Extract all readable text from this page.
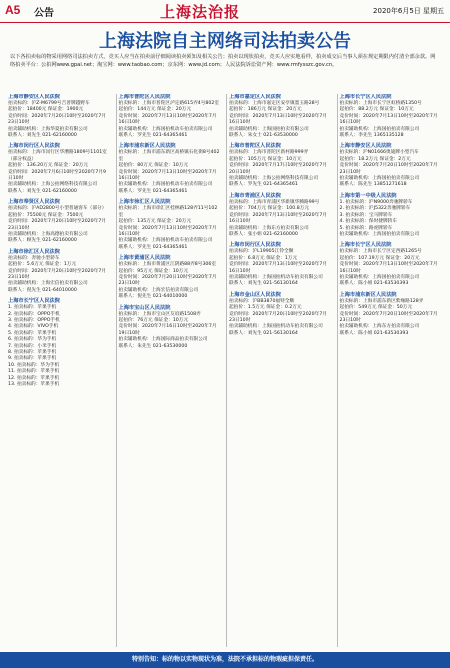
A5 公告	上海法治报	2020年6月5日 星期五
上海法院自主网络司法拍卖公告
以下各拍卖标的物采用网络司法拍卖方式，竞买人应当在拍卖前仔细阅读拍卖须知及相关公告；拍卖以现状拍卖，竞买人应实地看样，拍卖成交后当事人须在规定期限内付清全部余款。网络拍卖平台：公拍网www.gpai.net；淘宝网：www.taobao.com；京东网：www.jd.com；人民法院诉讼资产网：www.rmfysszc.gov.cn。
上海市静安区人民法院
拍卖标的：沪Z-M6799号吉普牌越野车
起拍价：18400元 保证金：1900元
竞价时间：2020年7月20日10时至2020年7月23日10时
拍卖辅助机构：上海华夏拍卖有限公司
联系人：刘先生 021-62160000
上海市闵行区人民法院
拍卖标的：上海市闵行区华漕路1809号1101室（部分权益）
起拍价：136.20万元 保证金：20万元
竞价时间：2020年7月6日10时至2020年7月9日10时
拍卖辅助机构：上海公拍网络科技有限公司
联系人：刘先生 021-62160000
上海市奉贤区人民法院
拍卖标的：沪AD2800号小型普通客车（部分）
起拍价：75500元 保证金：7500元
竞价时间：2020年7月20日10时至2020年7月23日10时
拍卖辅助机构：上海高德拍卖有限公司
联系人：顾先生 021-62160000
上海市徐汇区人民法院
拍卖标的：奔驰小型轿车
起拍价：5.6万元 保证金：1万元
竞价时间：2020年7月20日10时至2020年7月23日10时
拍卖辅助机构：上海宏信拍卖有限公司
联系人：倪先生 021-64010000
上海市长宁区人民法院
1. 拍卖标的：苹果手机
2. 拍卖标的：OPPO手机
3. 拍卖标的：OPPO手机
4. 拍卖标的：VIVO手机
5. 拍卖标的：苹果手机
6. 拍卖标的：华为手机
7. 拍卖标的：小米手机
8. 拍卖标的：苹果手机
9. 拍卖标的：苹果手机
10. 拍卖标的：华为手机
11. 拍卖标的：苹果手机
12. 拍卖标的：苹果手机
13. 拍卖标的：苹果手机
上海市普陀区人民法院
拍卖标的：上海市普陀区泸定路615弄4号802室
起拍价：144万元 保证金：20万元
竞价时间：2020年7月13日10时至2020年7月16日10时
拍卖辅助机构：上海国拍机动车拍卖有限公司
联系人：罗先生 021-64365461
上海市浦东新区人民法院
拍卖标的：上海市浦东新区高桥镇石化街8号402室
起拍价：80万元 保证金：10万元
竞价时间：2020年7月13日10时至2020年7月16日10时
拍卖辅助机构：上海国拍机动车拍卖有限公司
联系人：罗先生 021-64365461
上海市徐汇区人民法院
拍卖标的：上海市徐汇区桂林路128弄11号102室
起拍价：135万元 保证金：20万元
竞价时间：2020年7月13日10时至2020年7月16日10时
拍卖辅助机构：上海国拍机动车拍卖有限公司
联系人：罗先生 021-64365461
上海市黄浦区人民法院
拍卖标的：上海市黄浦区江阴路88弄8号306室
起拍价：95万元 保证金：10万元
竞价时间：2020年7月20日10时至2020年7月23日10时
拍卖辅助机构：上海宏信拍卖有限公司
联系人：倪先生 021-64010000
上海市宝山区人民法院
拍卖标的：上海市宝山区友谊路1508弄
起拍价：76万元 保证金：10万元
竞价时间：2020年7月16日10时至2020年7月19日10时
拍卖辅助机构：上海国际商品拍卖有限公司
联系人：朱先生 021-63530000
上海市嘉定区人民法院
拍卖标的：上海市嘉定区安亭镇墨玉路28号
起拍价：186万元 保证金：20万元
竞价时间：2020年7月13日10时至2020年7月16日10时
拍卖辅助机构：上海国拍拍卖有限公司
联系人：朱女士 021-63530000
上海市普陀区人民法院
拍卖标的：上海市普陀区新村路999弄
起拍价：105万元 保证金：10万元
竞价时间：2020年7月17日10时至2020年7月20日10时
拍卖辅助机构：上海公拍网络科技有限公司
联系人：罗先生 021-64365461
上海市青浦区人民法院
拍卖标的：上海市青浦区华新镇华腾路99号
起拍价：704万元 保证金：100.8万元
竞价时间：2020年7月13日10时至2020年7月16日10时
拍卖辅助机构：上海东方拍卖有限公司
联系人：张小姐 021-62160000
上海市闵行区人民法院
拍卖标的：沪L19905江铃全顺
起拍价：6.8万元 保证金：1万元
竞价时间：2020年7月13日10时至2020年7月16日10时
拍卖辅助机构：上海国拍机动车拍卖有限公司
联系人：刘先生 021-56130164
上海市金山区人民法院
拍卖标的：沪BB3870福特全顺
起拍价：1.5万元 保证金：0.2万元
竞价时间：2020年7月20日10时至2020年7月23日10时
拍卖辅助机构：上海国拍机动车拍卖有限公司
联系人：刘先生 021-56130164
上海市长宁区人民法院
拍卖标的：上海市长宁区虹桥路1350号
起拍价：88.2万元 保证金：10万元
竞价时间：2020年7月13日10时至2020年7月16日10时
拍卖辅助机构：上海国拍拍卖有限公司
联系人：李先生 1365135128
上海市静安区人民法院
拍卖标的：沪N01666奥迪牌小型汽车
起拍价：18.2万元 保证金：2万元
竞价时间：2020年7月20日10时至2020年7月23日10时
拍卖辅助机构：上海国拍拍卖有限公司
联系人：陈先生 13851271618
上海市第一中级人民法院
1. 拍卖标的：沪N9000奔驰牌轿车
2. 拍卖标的：沪J5322奔驰牌轿车
3. 拍卖标的：宝马牌轿车
4. 拍卖标的：保时捷牌轿车
5. 拍卖标的：路虎牌轿车
拍卖辅助机构：上海国拍拍卖有限公司
上海市长宁区人民法院
拍卖标的：上海市长宁区定西路1265号
起拍价：107.19万元 保证金：20万元
竞价时间：2020年7月13日10时至2020年7月16日10时
拍卖辅助机构：上海国拍拍卖有限公司
联系人：陈小姐 021-63530393
上海市浦东新区人民法院
拍卖标的：上海市浦东新区紫缘路128弄
起拍价：549万元 保证金：50万元
竞价时间：2020年7月20日10时至2020年7月23日10时
拍卖辅助机构：上海东方拍卖有限公司
联系人：陈小姐 021-63530393
特别告知：标的物以实物现状为准，法院不承担标的物瑕疵担保责任。
